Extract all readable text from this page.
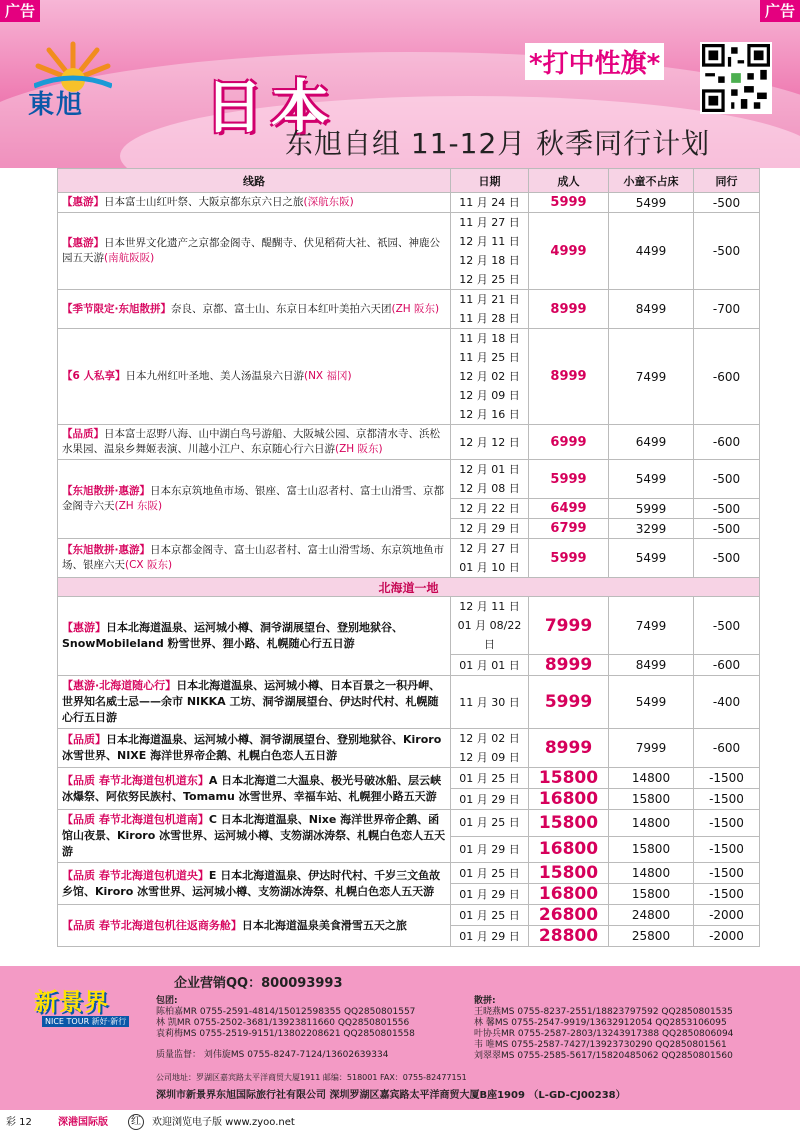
广告	广告
東旭 日本
*打中性旗*
东旭自组 11-12月 秋季同行计划
线路	日期	成人	小童不占床	同行
【惠游】日本富士山红叶祭、大阪京都东京六日之旅(深航东阪)	11 月 24 日	5999	5499	-500
【惠游】日本世界文化遗产之京都金阁寺、醍醐寺、伏见稻荷大社、祇园、神鹿公园五天游(南航阪阪)	11 月 27 日
12 月 11 日
12 月 18 日
12 月 25 日	4999	4499	-500
【季节限定·东旭散拼】奈良、京都、富士山、东京日本红叶美拍六天团(ZH 阪东)	11 月 21 日
11 月 28 日	8999	8499	-700
【6 人私享】日本九州红叶圣地、美人汤温泉六日游(NX 福冈)	11 月 18 日
11 月 25 日
12 月 02 日
12 月 09 日
12 月 16 日	8999	7499	-600
【品质】日本富士忍野八海、山中湖白鸟号游船、大阪城公园、京都清水寺、浜松水果园、温泉乡舞姬表演、川越小江户、东京随心行六日游(ZH 阪东)	12 月 12 日	6999	6499	-600
【东旭散拼·惠游】日本东京筑地鱼市场、银座、富士山忍者村、富士山滑雪、京都金阁寺六天(ZH 东阪)	12 月 01 日
12 月 08 日	5999	5499	-500

	12 月 22 日	6499	5999	-500

	12 月 29 日	6799	3299	-500
【东旭散拼·惠游】日本京都金阁寺、富士山忍者村、富士山滑雪场、东京筑地鱼市场、银座六天(CX 阪东)	12 月 27 日
01 月 10 日	5999	5499	-500
北海道一地				
【惠游】日本北海道温泉、运河城小樽、洞爷湖展望台、登别地狱谷、SnowMobileland 粉雪世界、狸小路、札幌随心行五日游	12 月 11 日
01 月 08/22 日	7999	7499	-500

	01 月 01 日	8999	8499	-600
【惠游·北海道随心行】日本北海道温泉、运河城小樽、日本百景之一积丹岬、世界知名威士忌——余市 NIKKA 工坊、洞爷湖展望台、伊达时代村、札幌随心行五日游	11 月 30 日	5999	5499	-400
【品质】日本北海道温泉、运河城小樽、洞爷湖展望台、登别地狱谷、Kiroro 冰雪世界、NIXE 海洋世界帝企鹅、札幌白色恋人五日游	12 月 02 日
12 月 09 日	8999	7999	-600
【品质 春节北海道包机道东】A 日本北海道二大温泉、极光号破冰船、层云峡冰爆祭、阿依努民族村、Tomamu 冰雪世界、幸福车站、札幌狸小路五天游	01 月 25 日	15800	14800	-1500

	01 月 29 日	16800	15800	-1500
【品质 春节北海道包机道南】C 日本北海道温泉、Nixe 海洋世界帝企鹅、函馆山夜景、Kiroro 冰雪世界、运河城小樽、支笏湖冰涛祭、札幌白色恋人五天游	01 月 25 日	15800	14800	-1500

	01 月 29 日	16800	15800	-1500
【品质 春节北海道包机道央】E 日本北海道温泉、伊达时代村、千岁三文鱼故乡馆、Kiroro 冰雪世界、运河城小樽、支笏湖冰涛祭、札幌白色恋人五天游	01 月 25 日	15800	14800	-1500

	01 月 29 日	16800	15800	-1500
【品质 春节北海道包机往返商务舱】日本北海道温泉美食滑雪五天之旅	01 月 25 日	26800	24800	-2000

	01 月 29 日	28800	25800	-2000
新景界
NICE TOUR 新好·新行
企业营销QQ：800093993
包团:
陈柏嘉MR 0755-2591-4814/15012598355 QQ2850801557
林 凯MR 0755-2502-3681/13923811660 QQ2850801556
袁莉梅MS 0755-2519-9151/13802208621 QQ2850801558
散拼:
王晓燕MS 0755-8237-2551/18823797592 QQ2850801535
林 馨MS 0755-2547-9919/13632912054 QQ2853106095
叶协兵MR 0755-2587-2803/13243917388 QQ2850806094
韦 唯MS 0755-2587-7427/13923730290 QQ2850801561
刘翠翠MS 0755-2585-5617/15820485062 QQ2850801560
质量监督： 刘伟旋MS 0755-8247-7124/13602639334
公司地址：罗湖区嘉宾路太平洋商贸大厦1911 邮编：518001 FAX：0755-82477151
深圳市新景界东旭国际旅行社有限公司 深圳罗湖区嘉宾路太平洋商贸大厦B座1909 （L-GD-CJ00238）
彩 12	深港国际版	红	欢迎浏览电子版 www.zyoo.net
